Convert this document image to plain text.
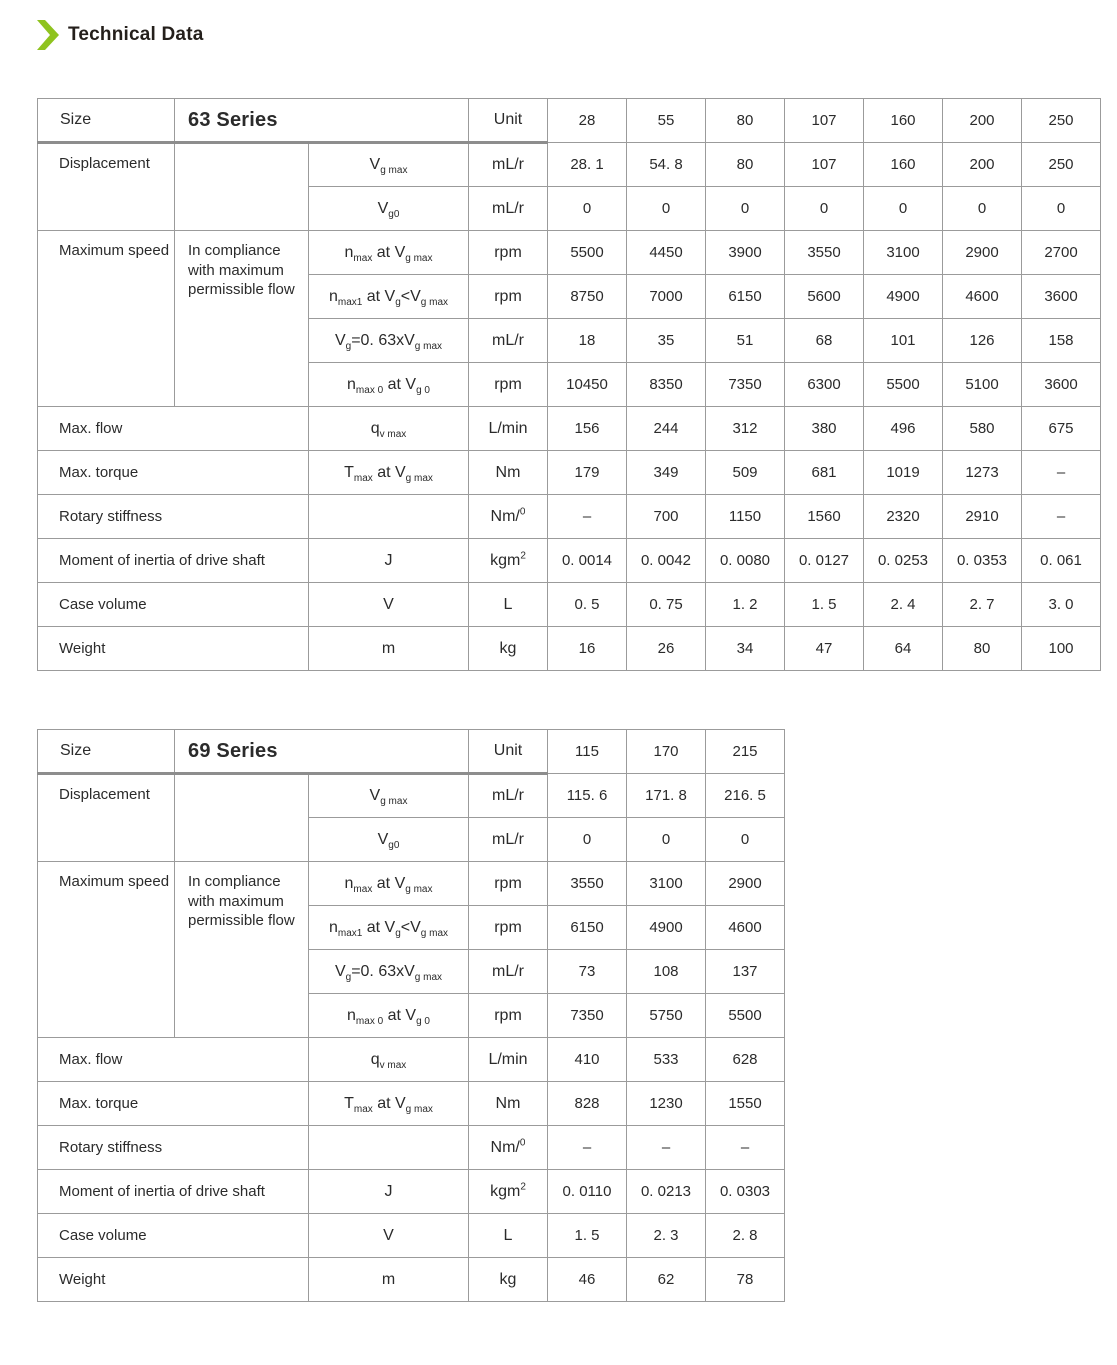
Technical Data
Size	63 Series		Unit	28	55	80	107	160	200	250
Displacement		$V_{g max}$	mL/r	28. 1	54. 8	80	107	160	200	250
		$V_{g0}$	mL/r	0	0	0	0	0	0	0
Maximum speed	In compliance with maximum permissible flow	$n_{max}$ at $V_{g max}$	rpm	5500	4450	3900	3550	3100	2900	2700
		$n_{max1}$ at $V_g<V_{g max}$	rpm	8750	7000	6150	5600	4900	4600	3600
		$V_g=0$. $63xV_{g max}$	mL/r	18	35	51	68	101	126	158
		$n_{max 0}$ at $V_{g 0}$	rpm	10450	8350	7350	6300	5500	5100	3600
Max. flow		$q_{v max}$	L/min	156	244	312	380	496	580	675
Max. torque		$T_{max}$ at $V_{g max}$	Nm	179	349	509	681	1019	1273	–
Rotary stiffness			Nm/$^0$	–	700	1150	1560	2320	2910	–
Moment of inertia of drive shaft		J	kgm$^2$	0. 0014	0. 0042	0. 0080	0. 0127	0. 0253	0. 0353	0. 061
Case volume		V	L	0. 5	0. 75	1. 2	1. 5	2. 4	2. 7	3. 0
Weight		m	kg	16	26	34	47	64	80	100
Size	69 Series		Unit	115	170	215
Displacement		$V_{g max}$	mL/r	115. 6	171. 8	216. 5
		$V_{g0}$	mL/r	0	0	0
Maximum speed	In compliance with maximum permissible flow	$n_{max}$ at $V_{g max}$	rpm	3550	3100	2900
		$n_{max1}$ at $V_g<V_{g max}$	rpm	6150	4900	4600
		$V_g=0$. $63xV_{g max}$	mL/r	73	108	137
		$n_{max 0}$ at $V_{g 0}$	rpm	7350	5750	5500
Max. flow		$q_{v max}$	L/min	410	533	628
Max. torque		$T_{max}$ at $V_{g max}$	Nm	828	1230	1550
Rotary stiffness			Nm/$^0$	–	–	–
Moment of inertia of drive shaft		J	kgm$^2$	0. 0110	0. 0213	0. 0303
Case volume		V	L	1. 5	2. 3	2. 8
Weight		m	kg	46	62	78
